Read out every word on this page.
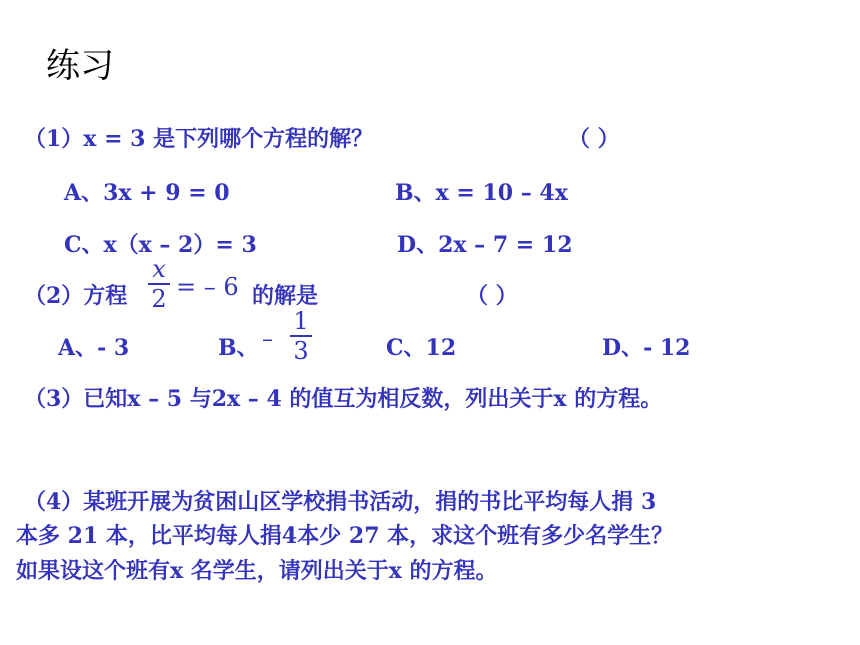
练习
（1）x = 3 是下列哪个方程的解？	（ ）
A、3x + 9 = 0	B、x = 10 – 4x
C、x（x – 2）= 3	D、2x – 7 = 12
（2）方程
x
2 = – 6 的解是	（ ）
A、- 3	B、 –
1
3	C、12	D、- 12
（3）已知x – 5 与2x – 4 的值互为相反数，列出关于x 的方程。
（4）某班开展为贫困山区学校捐书活动，捐的书比平均每人捐 3
本多 21 本，比平均每人捐4本少 27 本，求这个班有多少名学生？
如果设这个班有x 名学生，请列出关于x 的方程。
